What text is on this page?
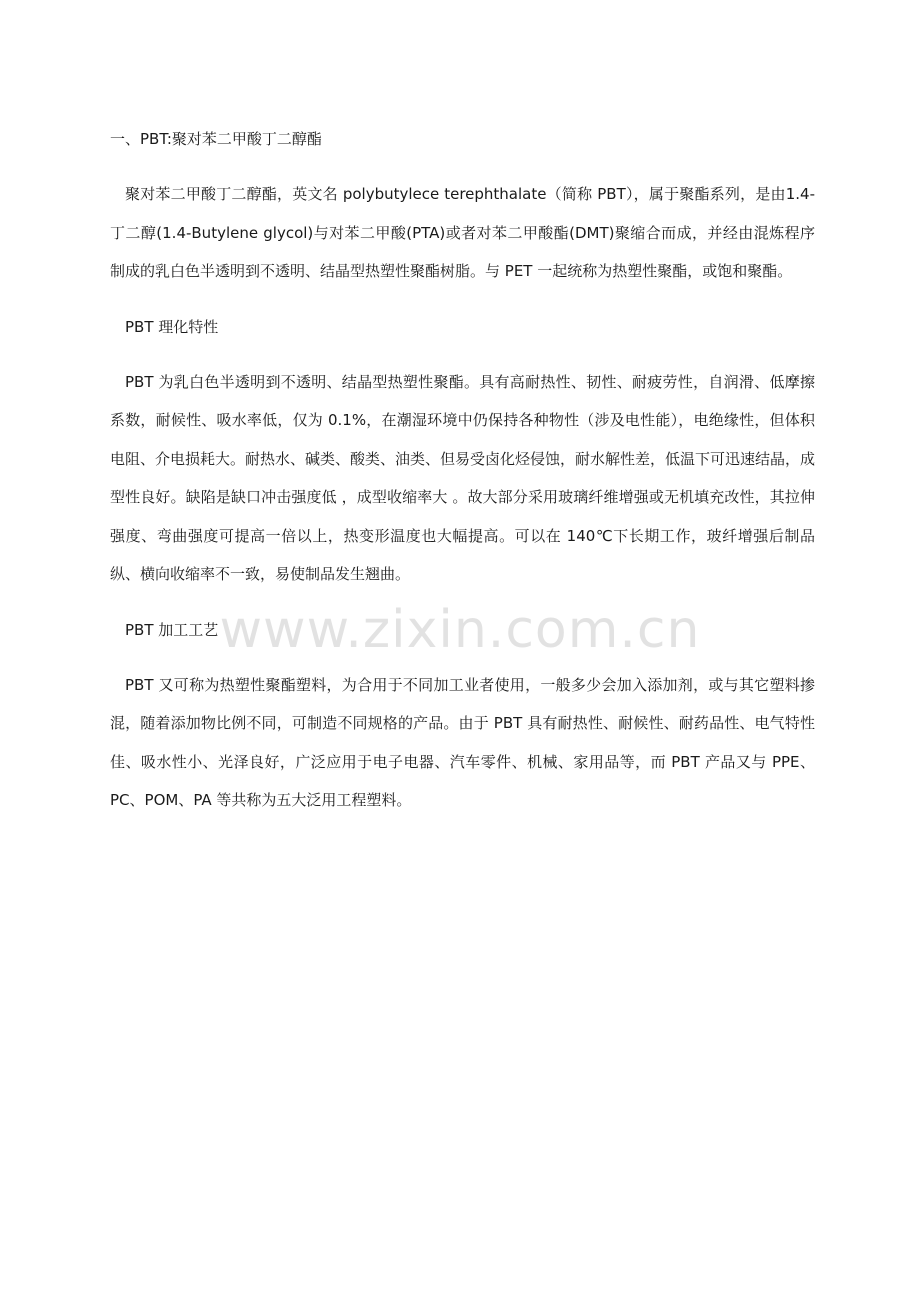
一、PBT:聚对苯二甲酸丁二醇酯

聚对苯二甲酸丁二醇酯，英文名 polybutylece terephthalate（简称 PBT），属于聚酯系列，是由1.4-丁二醇(1.4-Butylene glycol)与对苯二甲酸(PTA)或者对苯二甲酸酯(DMT)聚缩合而成，并经由混炼程序制成的乳白色半透明到不透明、结晶型热塑性聚酯树脂。与 PET 一起统称为热塑性聚酯，或饱和聚酯。

PBT 理化特性

PBT 为乳白色半透明到不透明、结晶型热塑性聚酯。具有高耐热性、韧性、耐疲劳性，自润滑、低摩擦系数，耐候性、吸水率低，仅为 0.1%，在潮湿环境中仍保持各种物性（涉及电性能），电绝缘性，但体积电阻、介电损耗大。耐热水、碱类、酸类、油类、但易受卤化烃侵蚀，耐水解性差，低温下可迅速结晶，成型性良好。缺陷是缺口冲击强度低 ，成型收缩率大 。故大部分采用玻璃纤维增强或无机填充改性，其拉伸强度、弯曲强度可提高一倍以上，热变形温度也大幅提高。可以在 140℃下长期工作，玻纤增强后制品纵、横向收缩率不一致，易使制品发生翘曲。

PBT 加工工艺

PBT 又可称为热塑性聚酯塑料，为合用于不同加工业者使用，一般多少会加入添加剂，或与其它塑料掺混，随着添加物比例不同，可制造不同规格的产品。由于 PBT 具有耐热性、耐候性、耐药品性、电气特性佳、吸水性小、光泽良好，广泛应用于电子电器、汽车零件、机械、家用品等，而 PBT 产品又与 PPE、PC、POM、PA 等共称为五大泛用工程塑料。

www.zixin.com.cn
